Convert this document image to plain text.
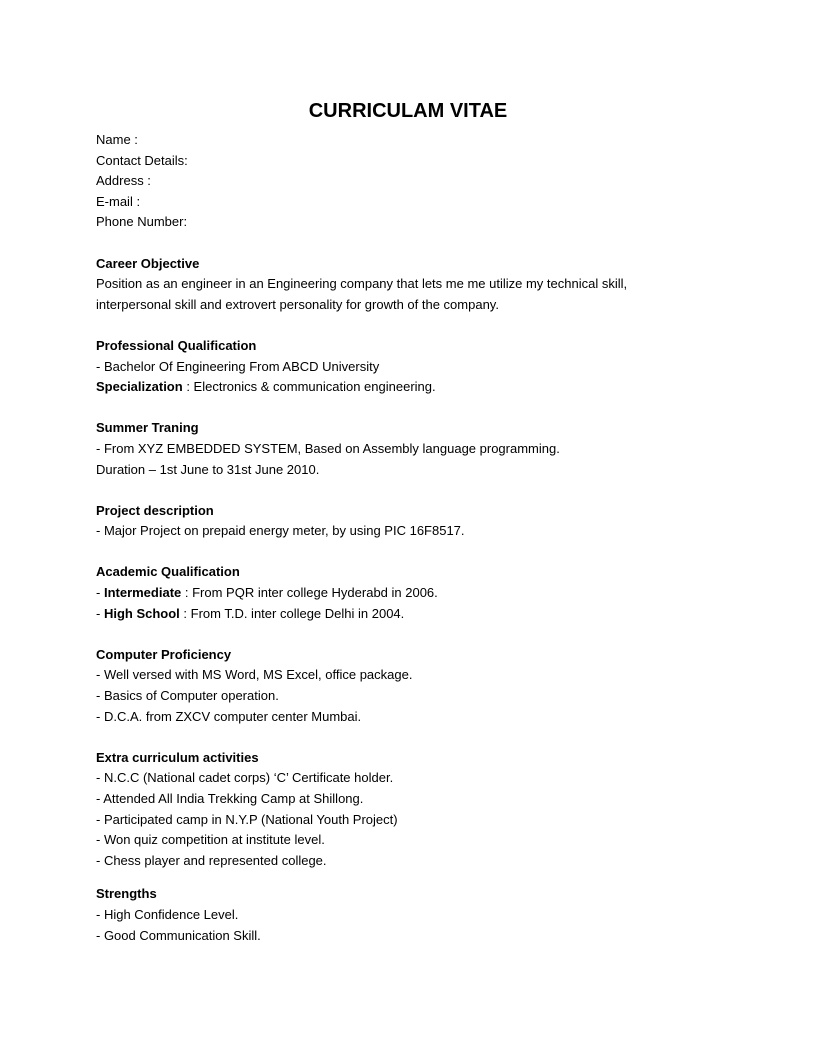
CURRICULAM VITAE
Name :
Contact Details:
Address :
E-mail :
Phone Number:
Career Objective
Position as an engineer in an Engineering company that lets me me utilize my technical skill,
interpersonal skill and extrovert personality for growth of the company.
Professional Qualification
- Bachelor Of Engineering From ABCD University
Specialization : Electronics & communication engineering.
Summer Traning
- From XYZ EMBEDDED SYSTEM, Based on Assembly language programming.
Duration – 1st June to 31st June 2010.
Project description
- Major Project on prepaid energy meter, by using PIC 16F8517.
Academic Qualification
- Intermediate : From PQR inter college Hyderabd in 2006.
- High School : From T.D. inter college Delhi in 2004.
Computer Proficiency
- Well versed with MS Word, MS Excel, office package.
- Basics of Computer operation.
- D.C.A. from ZXCV computer center Mumbai.
Extra curriculum activities
- N.C.C (National cadet corps) ‘C’ Certificate holder.
- Attended All India Trekking Camp at Shillong.
- Participated camp in N.Y.P (National Youth Project)
- Won quiz competition at institute level.
- Chess player and represented college.
Strengths
- High Confidence Level.
- Good Communication Skill.
